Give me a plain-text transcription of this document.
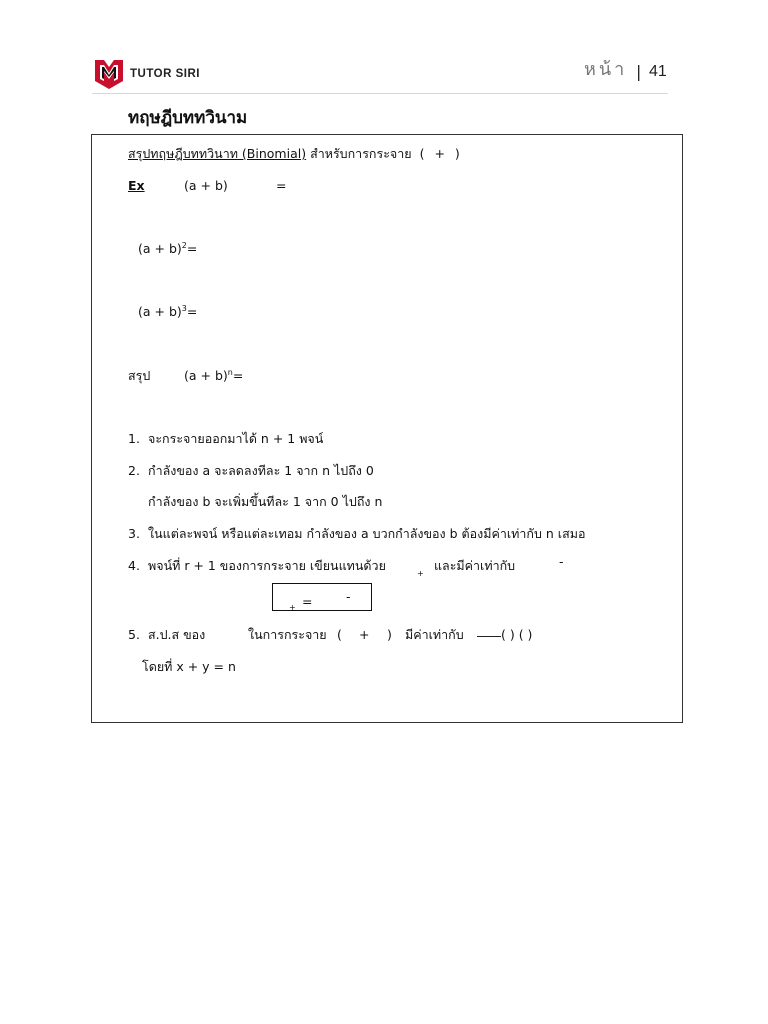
TUTOR SIRI	หน้า | 41
ทฤษฎีบททวินาม
สรุปทฤษฎีบททวินาท (Binomial) สำหรับการกระจาย ( + )
Ex	(a + b)	=
$(a + b)^2=$
$(a + b)^3=$
สรุป	$(a + b)^n=$
1. จะกระจายออกมาได้ n + 1 พจน์
2. กำลังของ a จะลดลงทีละ 1 จาก n ไปถึง 0
กำลังของ b จะเพิ่มขึ้นทีละ 1 จาก 0 ไปถึง n
3. ในแต่ละพจน์ หรือแต่ละเทอม กำลังของ a บวกกำลังของ b ต้องมีค่าเท่ากับ n เสมอ
4. พจน์ที่ r + 1 ของการกระจาย เขียนแทนด้วย
+
และมีค่าเท่ากับ	-
+ =	-
5. ส.ป.ส ของ	ในการกระจาย ( + ) มีค่าเท่ากับ	( ) ( )
โดยที่ x + y = n
